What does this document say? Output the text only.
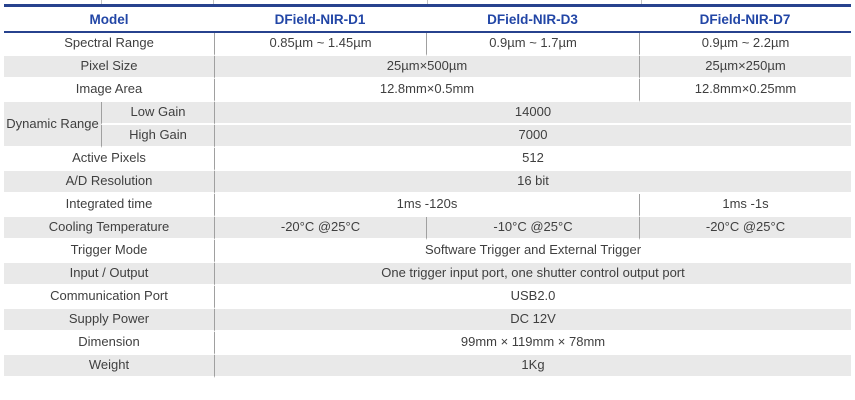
Model		DField-NIR-D1	DField-NIR-D3	DField-NIR-D7
Spectral Range		0.85µm ~ 1.45µm	0.9µm ~ 1.7µm	0.9µm ~ 2.2µm
Pixel Size		25µm×500µm		25µm×250µm
Image Area		12.8mm×0.5mm		12.8mm×0.25mm
Dynamic Range	Low Gain	14000		
	High Gain	7000		
Active Pixels		512		
A/D Resolution		16 bit		
Integrated time		1ms -120s		1ms -1s
Cooling Temperature		-20°C @25°C	-10°C @25°C	-20°C @25°C
Trigger Mode		Software Trigger and External Trigger		
Input / Output		One trigger input port, one shutter control output port		
Communication Port		USB2.0		
Supply Power		DC 12V		
Dimension		99mm × 119mm × 78mm		
Weight		1Kg		
